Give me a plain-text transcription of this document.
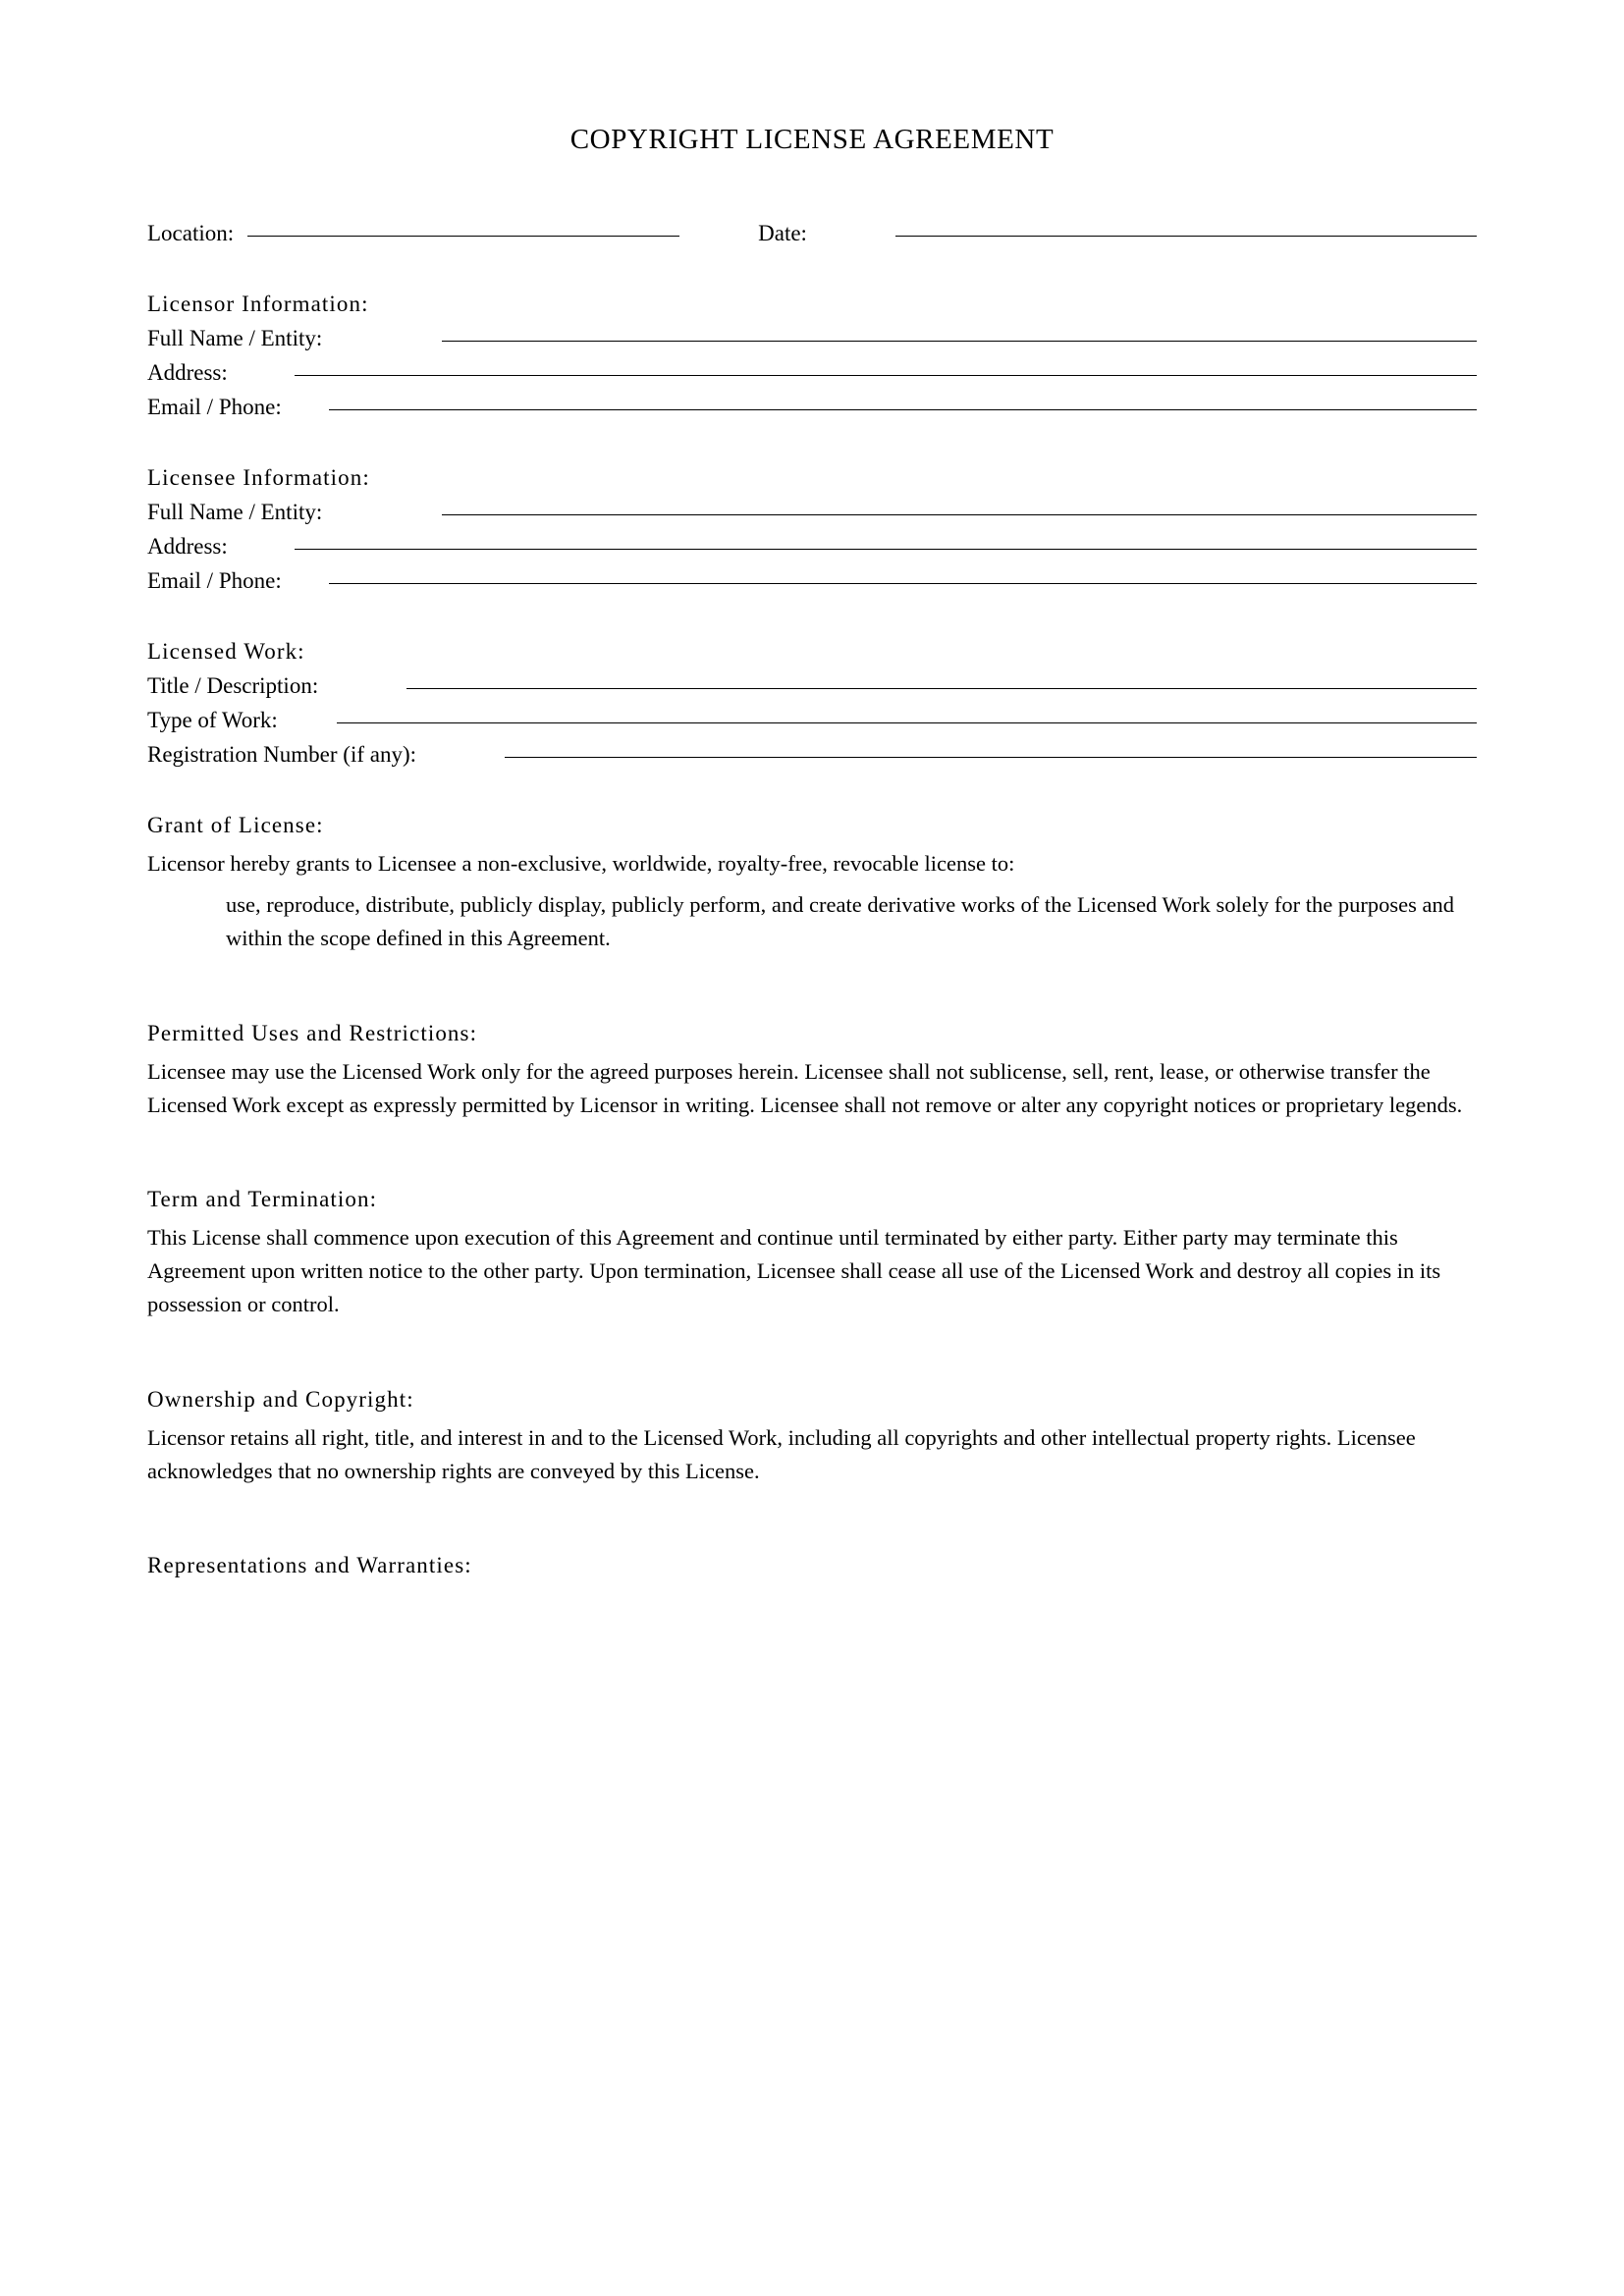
COPYRIGHT LICENSE AGREEMENT
Location:	Date:
Licensor Information:
Full Name / Entity:
Address:
Email / Phone:
Licensee Information:
Full Name / Entity:
Address:
Email / Phone:
Licensed Work:
Title / Description:
Type of Work:
Registration Number (if any):
Grant of License:

Licensor hereby grants to Licensee a non-exclusive, worldwide, royalty-free, revocable license to:

use, reproduce, distribute, publicly display, publicly perform, and create derivative works of the Licensed Work solely for the purposes and within the scope defined in this Agreement.

Permitted Uses and Restrictions:

Licensee may use the Licensed Work only for the agreed purposes herein. Licensee shall not sublicense, sell, rent, lease, or otherwise transfer the Licensed Work except as expressly permitted by Licensor in writing. Licensee shall not remove or alter any copyright notices or proprietary legends.

Term and Termination:

This License shall commence upon execution of this Agreement and continue until terminated by either party. Either party may terminate this Agreement upon written notice to the other party. Upon termination, Licensee shall cease all use of the Licensed Work and destroy all copies in its possession or control.

Ownership and Copyright:

Licensor retains all right, title, and interest in and to the Licensed Work, including all copyrights and other intellectual property rights. Licensee acknowledges that no ownership rights are conveyed by this License.

Representations and Warranties:
